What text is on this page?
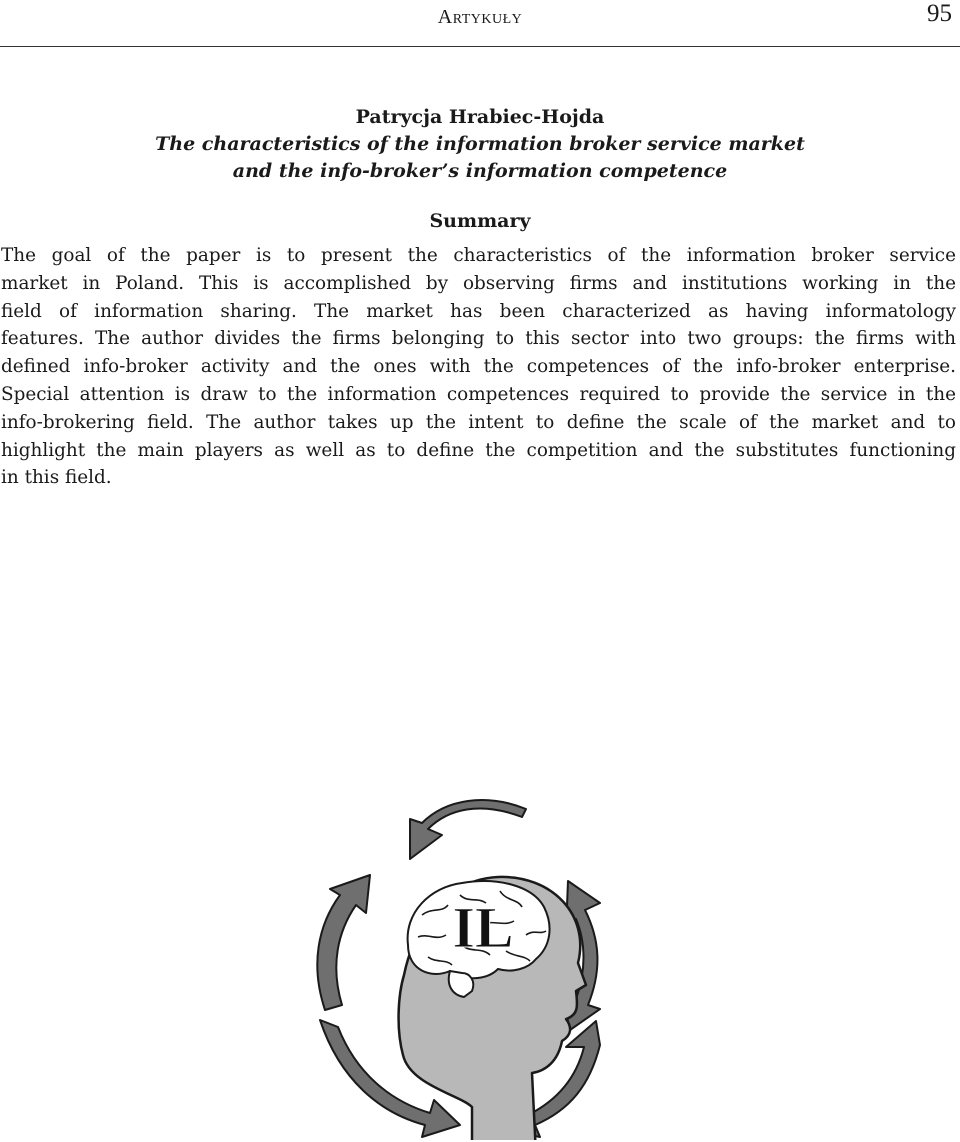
Artykuły	95
Patrycja Hrabiec-Hojda
The characteristics of the information broker service market
and the info-broker’s information competence
Summary
The goal of the paper is to present the characteristics of the information broker service
market in Poland. This is accomplished by observing firms and institutions working in the
field of information sharing. The market has been characterized as having informatology
features. The author divides the firms belonging to this sector into two groups: the firms with
defined info-broker activity and the ones with the competences of the info-broker enterprise.
Special attention is draw to the information competences required to provide the service in the
info-brokering field. The author takes up the intent to define the scale of the market and to
highlight the main players as well as to define the competition and the substitutes functioning
in this field.
IL
